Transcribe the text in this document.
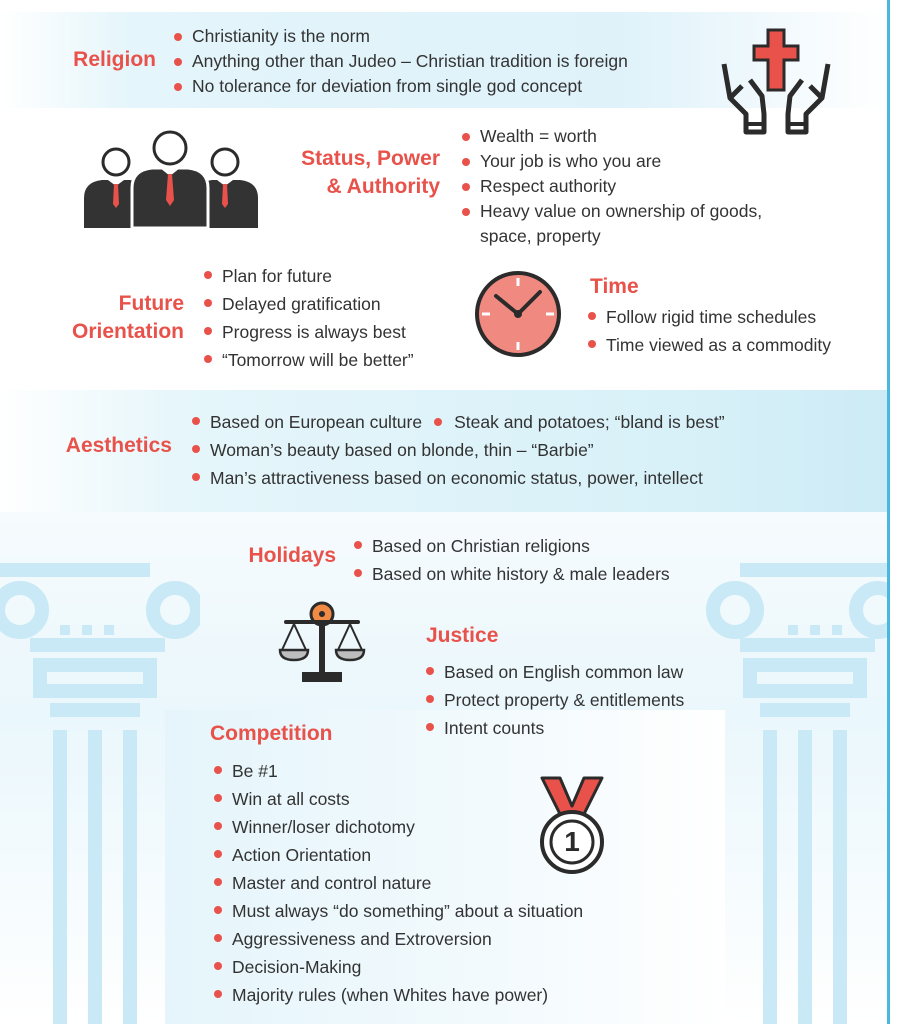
Religion
Christianity is the norm
Anything other than Judeo – Christian tradition is foreign
No tolerance for deviation from single god concept
Status, Power
& Authority
Wealth = worth
Your job is who you are
Respect authority
Heavy value on ownership of goods,
space, property
Future
Orientation
Plan for future
Delayed gratification
Progress is always best
“Tomorrow will be better”
Time
Follow rigid time schedules
Time viewed as a commodity
Aesthetics
Based on European culture Steak and potatoes; “bland is best”
Woman’s beauty based on blonde, thin – “Barbie”
Man’s attractiveness based on economic status, power, intellect
Holidays	Based on Christian religions
Based on white history & male leaders
Justice
Based on English common law
Protect property & entitlements
Intent counts
Competition
Be #1
Win at all costs
Winner/loser dichotomy
Action Orientation
Master and control nature
Must always “do something” about a situation
Aggressiveness and Extroversion
Decision-Making
Majority rules (when Whites have power)
1
